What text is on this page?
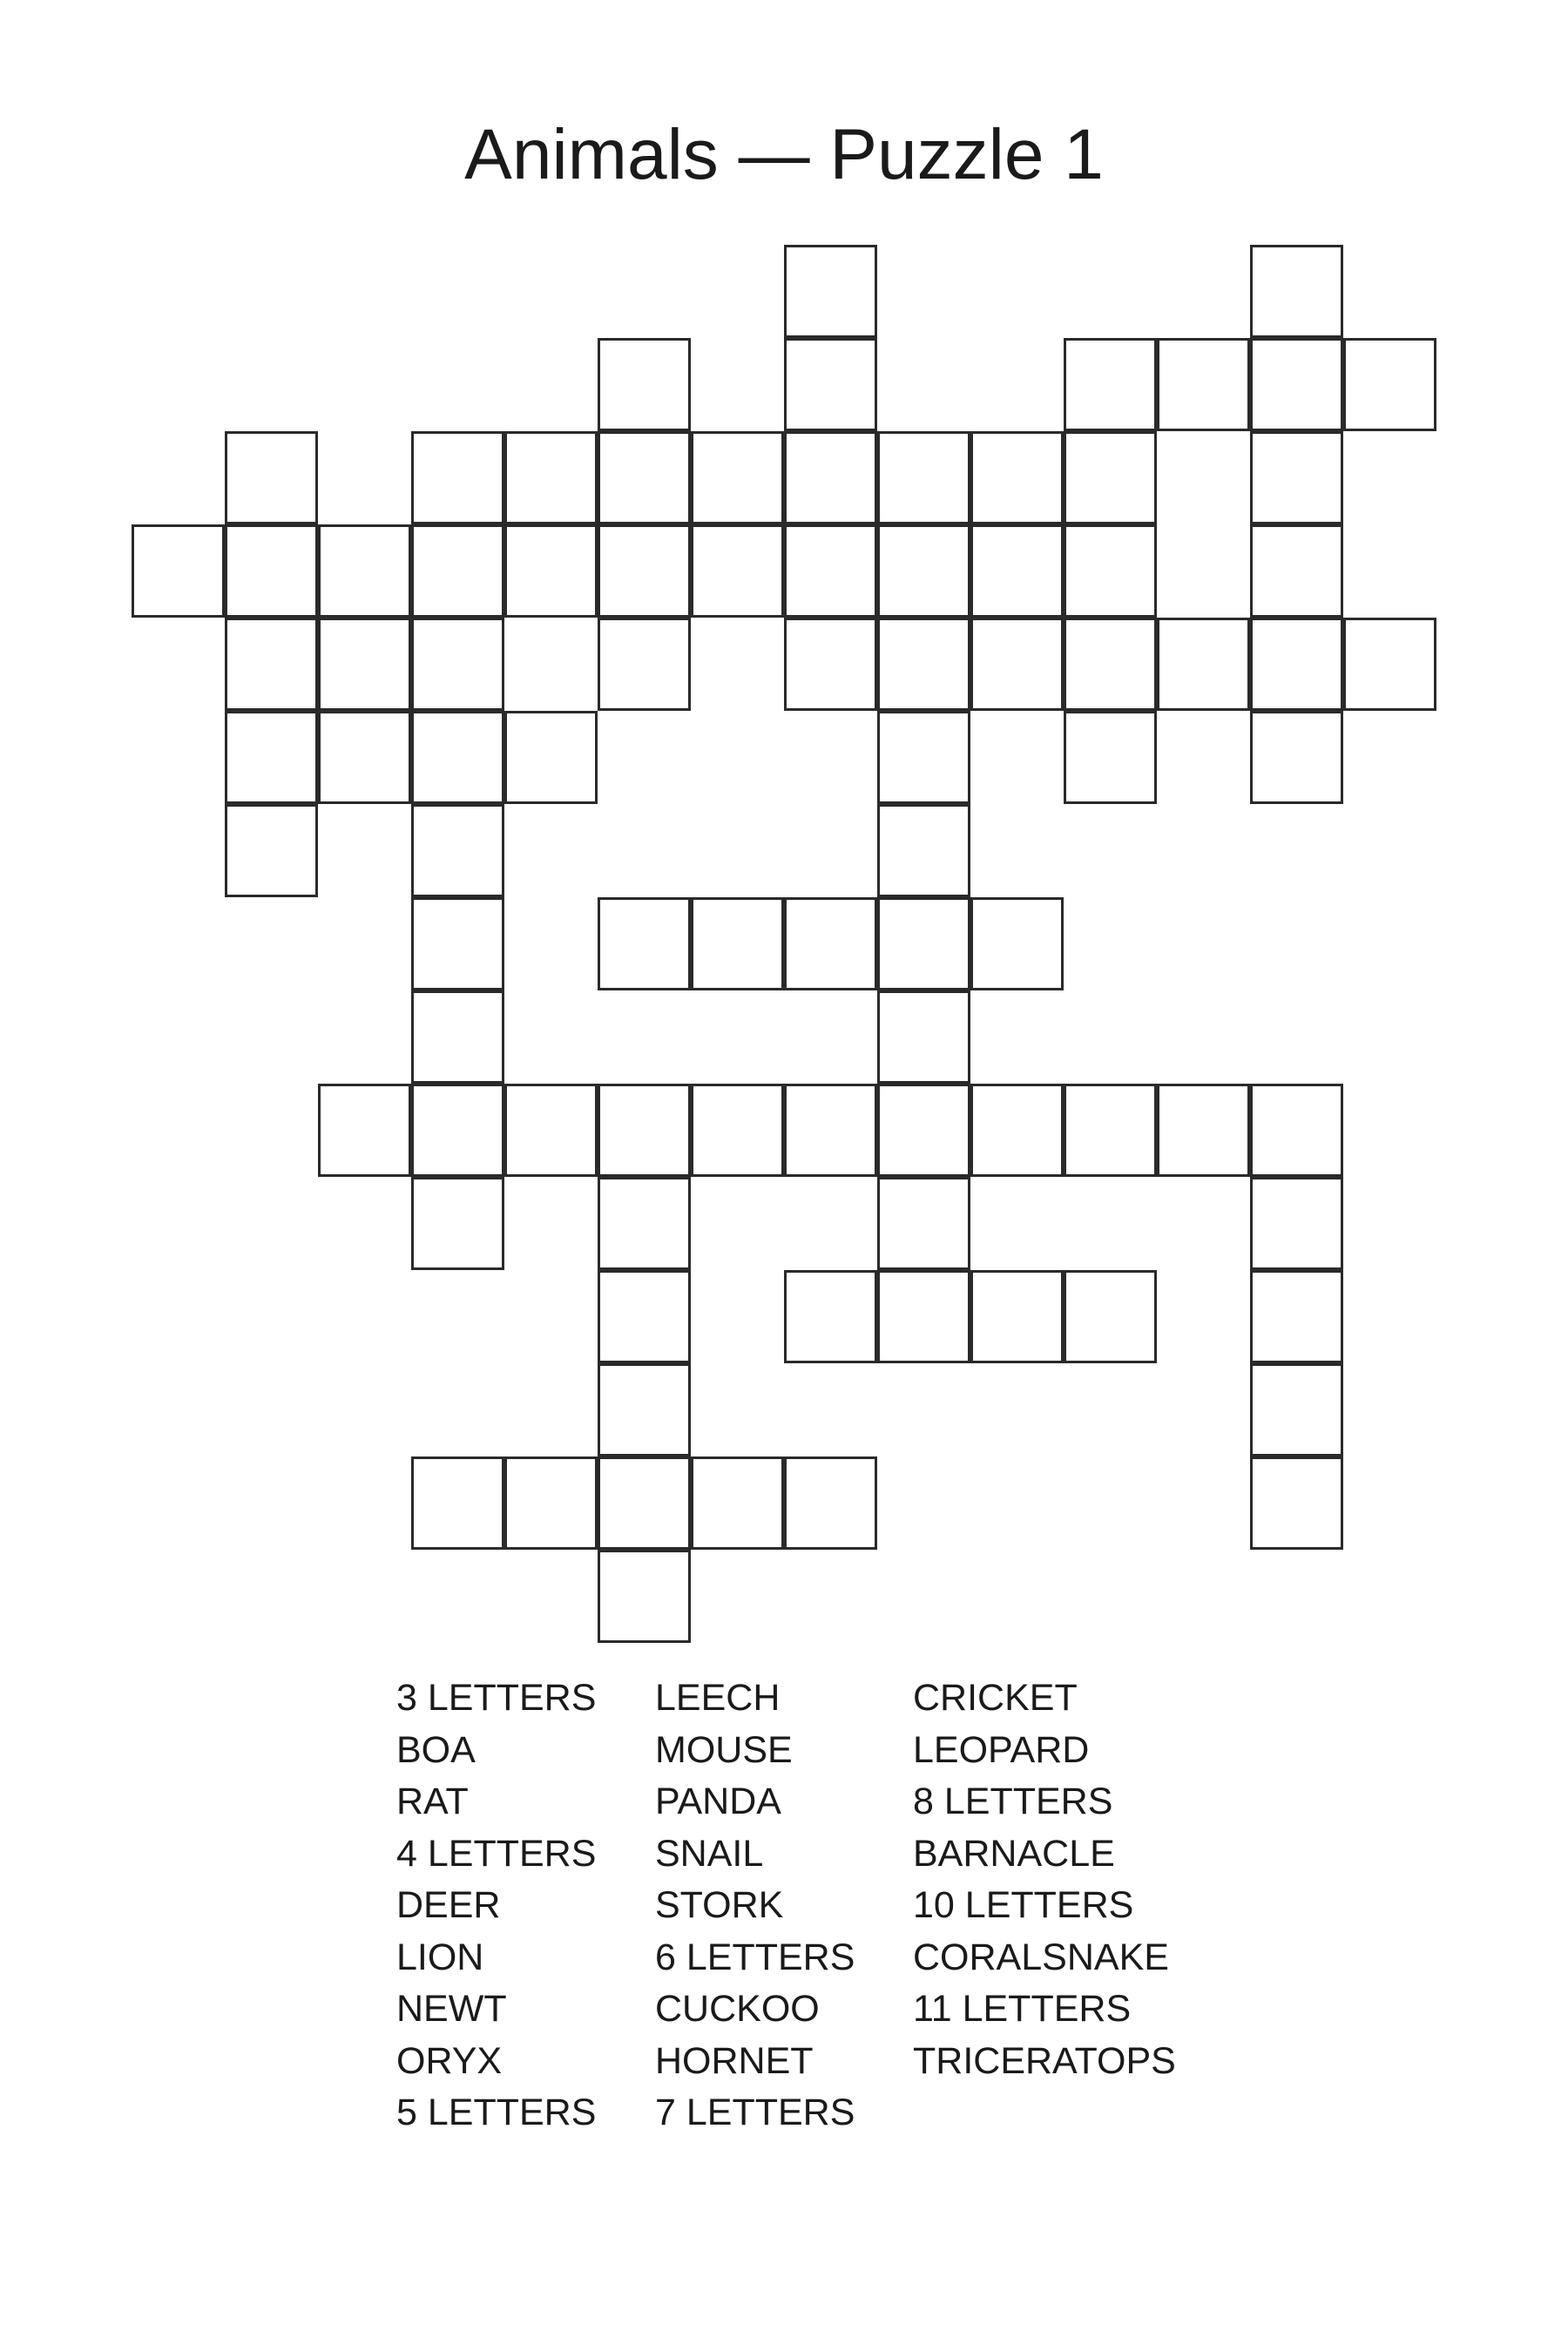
Animals — Puzzle 1
3 LETTERS
BOA
RAT
4 LETTERS
DEER
LION
NEWT
ORYX
5 LETTERS
LEECH
MOUSE
PANDA
SNAIL
STORK
6 LETTERS
CUCKOO
HORNET
7 LETTERS
CRICKET
LEOPARD
8 LETTERS
BARNACLE
10 LETTERS
CORALSNAKE
11 LETTERS
TRICERATOPS
